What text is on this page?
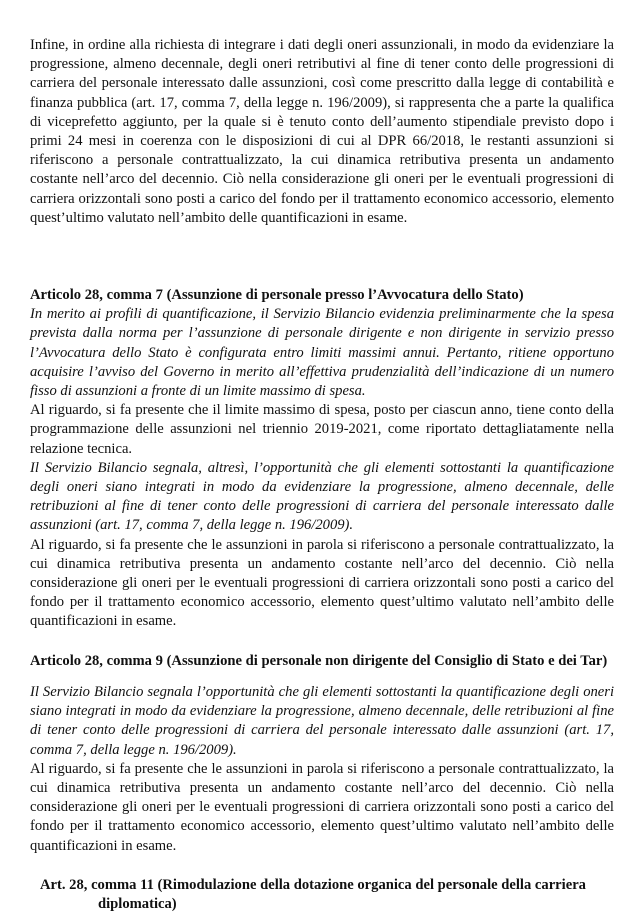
Infine, in ordine alla richiesta di integrare i dati degli oneri assunzionali, in modo da evidenziare la progressione, almeno decennale, degli oneri retributivi al fine di tener conto delle progressioni di carriera del personale interessato dalle assunzioni, così come prescritto dalla legge di contabilità e finanza pubblica (art. 17, comma 7, della legge n. 196/2009), si rappresenta che a parte la qualifica di viceprefetto aggiunto, per la quale si è tenuto conto dell’aumento stipendiale previsto dopo i primi 24 mesi in coerenza con le disposizioni di cui al DPR 66/2018, le restanti assunzioni si riferiscono a personale contrattualizzato, la cui dinamica retributiva presenta un andamento costante nell’arco del decennio. Ciò nella considerazione gli oneri per le eventuali progressioni di carriera orizzontali sono posti a carico del fondo per il trattamento economico accessorio, elemento quest’ultimo valutato nell’ambito delle quantificazioni in esame.

Articolo 28, comma 7 (Assunzione di personale presso l’Avvocatura dello Stato)

In merito ai profili di quantificazione, il Servizio Bilancio evidenzia preliminarmente che la spesa prevista dalla norma per l’assunzione di personale dirigente e non dirigente in servizio presso l’Avvocatura dello Stato è configurata entro limiti massimi annui. Pertanto, ritiene opportuno acquisire l’avviso del Governo in merito all’effettiva prudenzialità dell’indicazione di un numero fisso di assunzioni a fronte di un limite massimo di spesa.

Al riguardo, si fa presente che il limite massimo di spesa, posto per ciascun anno, tiene conto della programmazione delle assunzioni nel triennio 2019-2021, come riportato dettagliatamente nella relazione tecnica.

Il Servizio Bilancio segnala, altresì, l’opportunità che gli elementi sottostanti la quantificazione degli oneri siano integrati in modo da evidenziare la progressione, almeno decennale, delle retribuzioni al fine di tener conto delle progressioni di carriera del personale interessato dalle assunzioni (art. 17, comma 7, della legge n. 196/2009).

Al riguardo, si fa presente che le assunzioni in parola si riferiscono a personale contrattualizzato, la cui dinamica retributiva presenta un andamento costante nell’arco del decennio. Ciò nella considerazione gli oneri per le eventuali progressioni di carriera orizzontali sono posti a carico del fondo per il trattamento economico accessorio, elemento quest’ultimo valutato nell’ambito delle quantificazioni in esame.

Articolo 28, comma 9 (Assunzione di personale non dirigente del Consiglio di Stato e dei Tar)

Il Servizio Bilancio segnala l’opportunità che gli elementi sottostanti la quantificazione degli oneri siano integrati in modo da evidenziare la progressione, almeno decennale, delle retribuzioni al fine di tener conto delle progressioni di carriera del personale interessato dalle assunzioni (art. 17, comma 7, della legge n. 196/2009).

Al riguardo, si fa presente che le assunzioni in parola si riferiscono a personale contrattualizzato, la cui dinamica retributiva presenta un andamento costante nell’arco del decennio. Ciò nella considerazione gli oneri per le eventuali progressioni di carriera orizzontali sono posti a carico del fondo per il trattamento economico accessorio, elemento quest’ultimo valutato nell’ambito delle quantificazioni in esame.

Art. 28, comma 11 (Rimodulazione della dotazione organica del personale della carriera
diplomatica)
